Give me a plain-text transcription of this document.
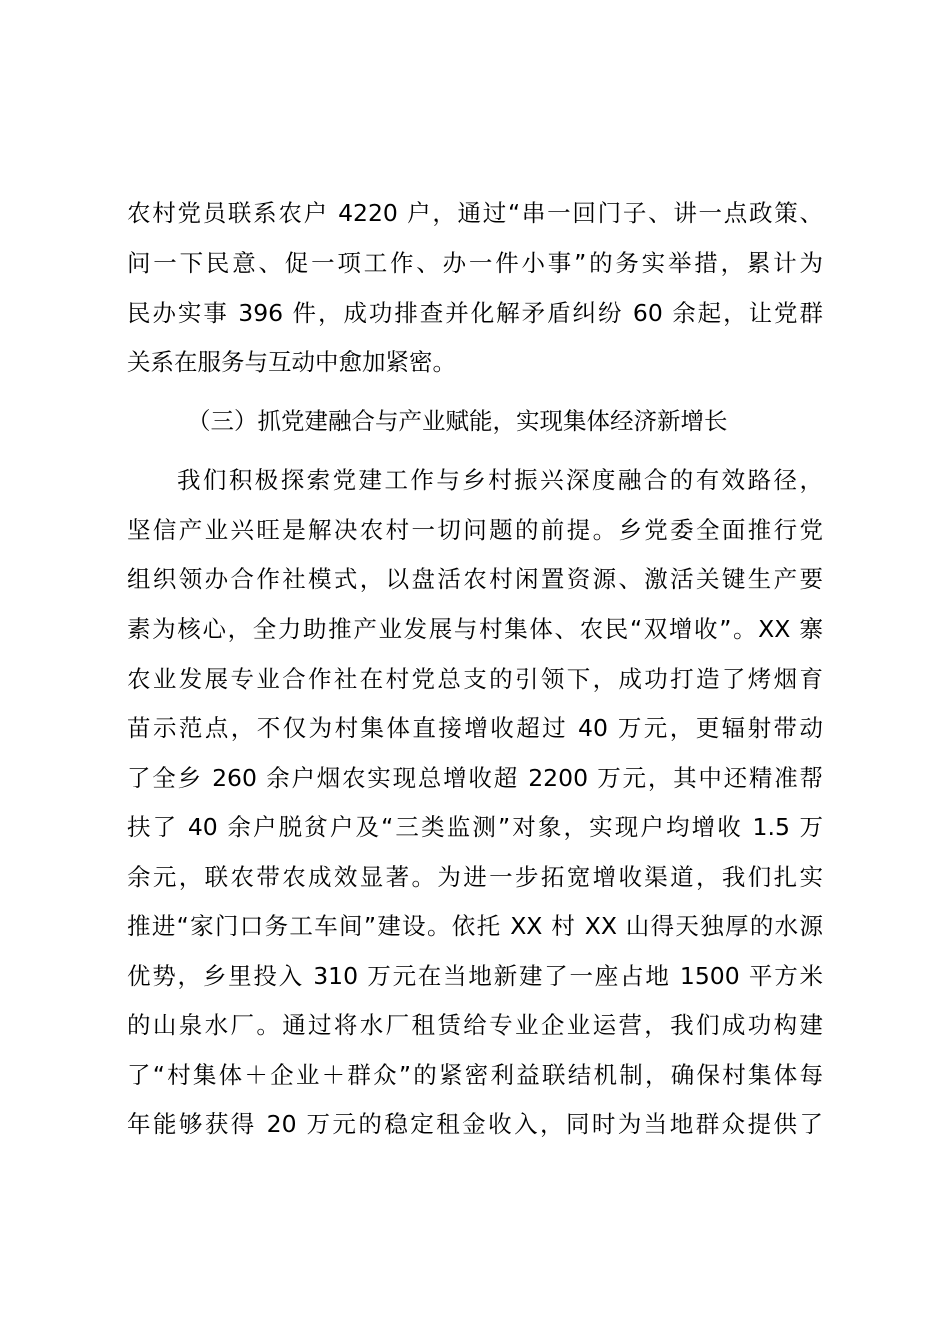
农村党员联系农户 4220 户，通过“串一回门子、讲一点政策、
问一下民意、促一项工作、办一件小事”的务实举措，累计为
民办实事 396 件，成功排查并化解矛盾纠纷 60 余起，让党群
关系在服务与互动中愈加紧密。
（三）抓党建融合与产业赋能，实现集体经济新增长
我们积极探索党建工作与乡村振兴深度融合的有效路径，
坚信产业兴旺是解决农村一切问题的前提。乡党委全面推行党
组织领办合作社模式，以盘活农村闲置资源、激活关键生产要
素为核心，全力助推产业发展与村集体、农民“双增收”。XX 寨
农业发展专业合作社在村党总支的引领下，成功打造了烤烟育
苗示范点，不仅为村集体直接增收超过 40 万元，更辐射带动
了全乡 260 余户烟农实现总增收超 2200 万元，其中还精准帮
扶了 40 余户脱贫户及“三类监测”对象，实现户均增收 1.5 万
余元，联农带农成效显著。为进一步拓宽增收渠道，我们扎实
推进“家门口务工车间”建设。依托 XX 村 XX 山得天独厚的水源
优势，乡里投入 310 万元在当地新建了一座占地 1500 平方米
的山泉水厂。通过将水厂租赁给专业企业运营，我们成功构建
了“村集体＋企业＋群众”的紧密利益联结机制，确保村集体每
年能够获得 20 万元的稳定租金收入，同时为当地群众提供了
